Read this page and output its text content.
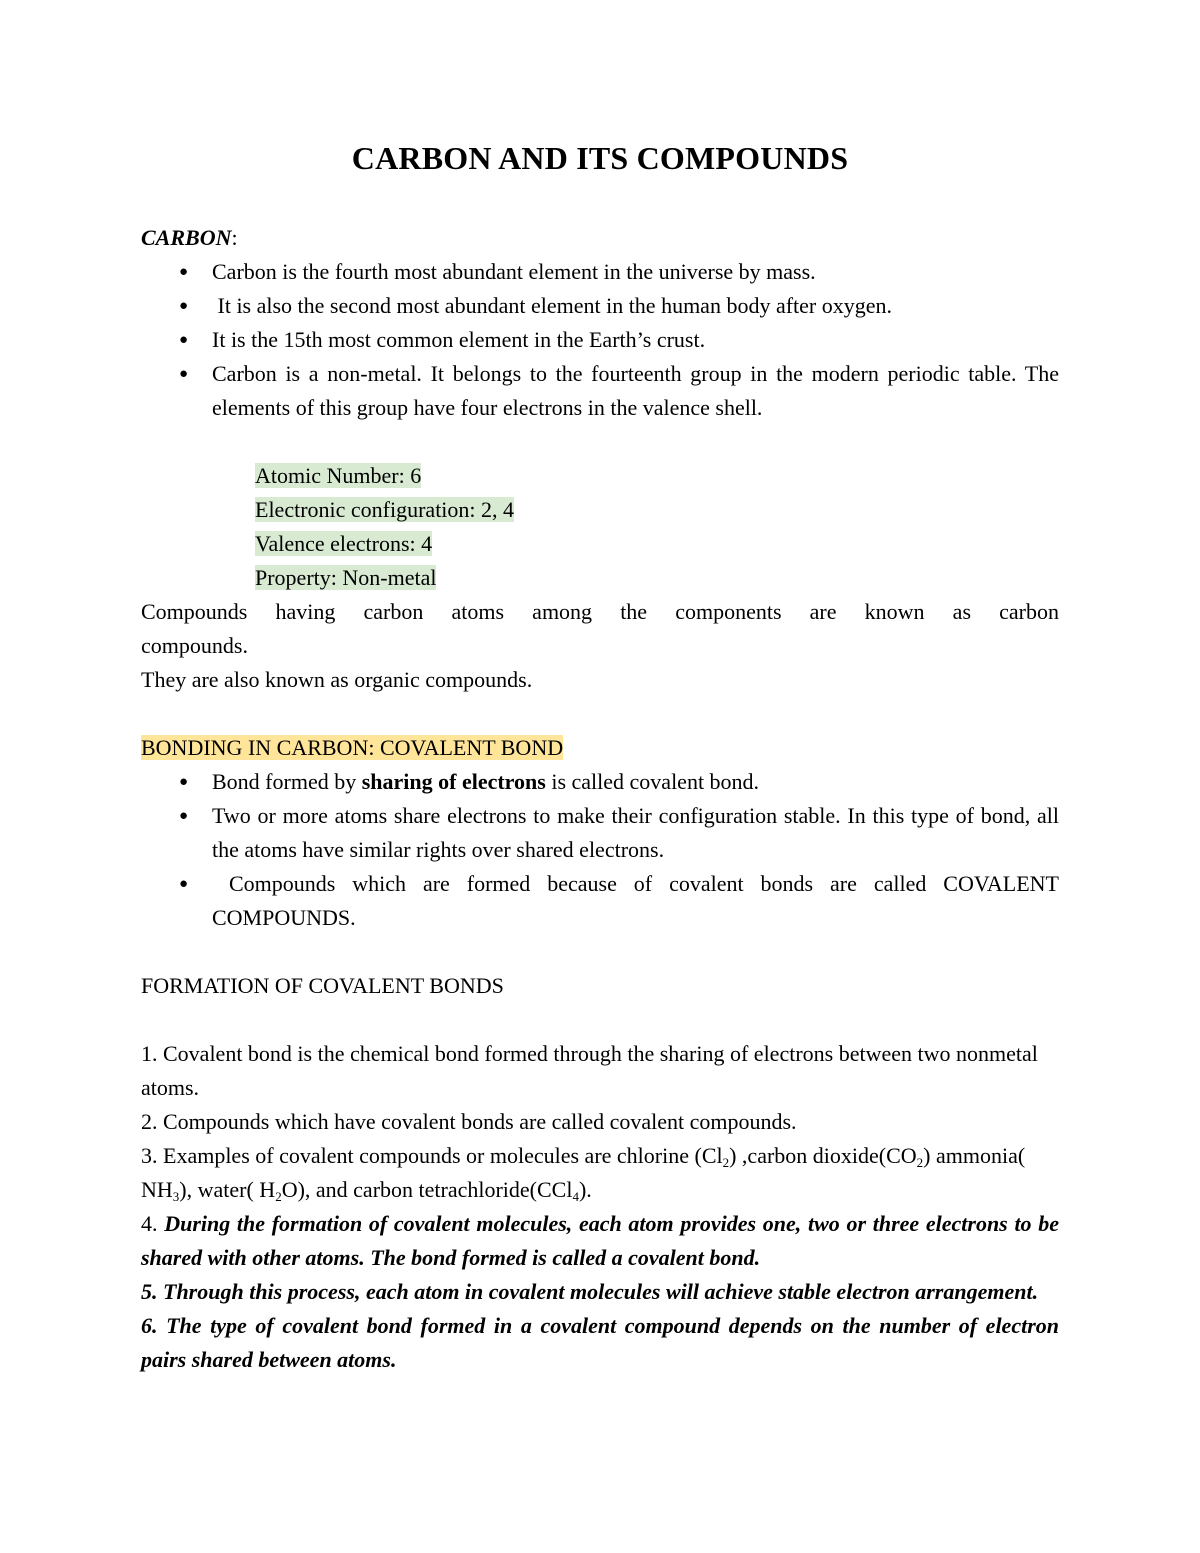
CARBON AND ITS COMPOUNDS
CARBON:
● Carbon is the fourth most abundant element in the universe by mass.
●  It is also the second most abundant element in the human body after oxygen.
● It is the 15th most common element in the Earth’s crust.
● Carbon is a non-metal. It belongs to the fourteenth group in the modern periodic table. The elements of this group have four electrons in the valence shell.
Atomic Number: 6
Electronic configuration: 2, 4
Valence electrons: 4
Property: Non-metal
Compounds having carbon atoms among the components are known as carbon compounds.
They are also known as organic compounds.
BONDING IN CARBON: COVALENT BOND
● Bond formed by sharing of electrons is called covalent bond.
● Two or more atoms share electrons to make their configuration stable. In this type of bond, all the atoms have similar rights over shared electrons.
●  Compounds which are formed because of covalent bonds are called COVALENT COMPOUNDS.
FORMATION OF COVALENT BONDS
1. Covalent bond is the chemical bond formed through the sharing of electrons between two nonmetal atoms.
2. Compounds which have covalent bonds are called covalent compounds.
3. Examples of covalent compounds or molecules are chlorine $(Cl_2)$ ,carbon $dioxide(CO_2)$ ammonia( $NH_3$), water( $H_2O$), and carbon tetrachloride(CCl$_4$).
4. During the formation of covalent molecules, each atom provides one, two or three electrons to be shared with other atoms. The bond formed is called a covalent bond.
5. Through this process, each atom in covalent molecules will achieve stable electron arrangement.
6. The type of covalent bond formed in a covalent compound depends on the number of electron pairs shared between atoms.
